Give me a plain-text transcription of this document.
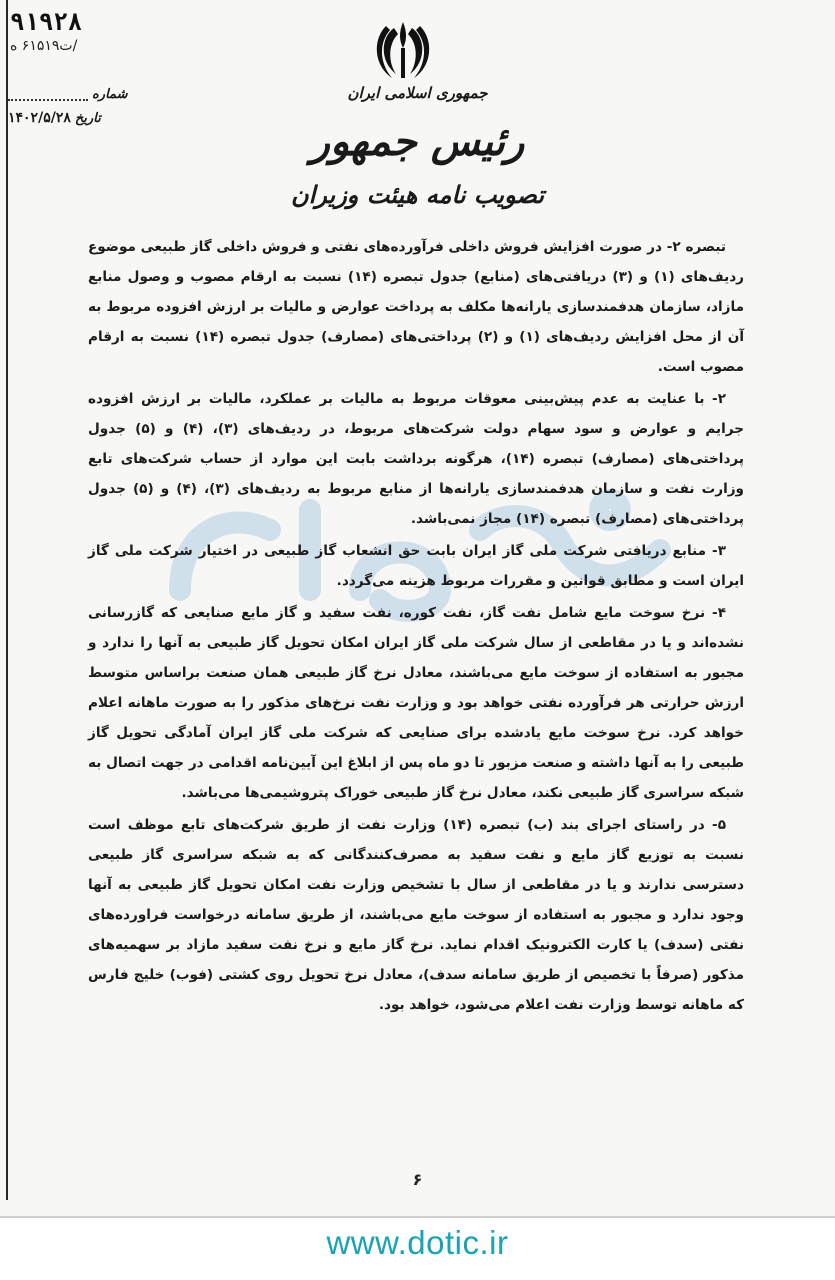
٩١٩٢٨
/ت۶۱۵۱۹ ه
شماره
تاریخ
۱۴۰۲/۵/۲۸
جمهوری اسلامی ایران
رئیس جمهور
تصویب نامه هیئت وزیران

تبصره ۲- در صورت افزایش فروش داخلی فرآورده‌های نفتی و فروش داخلی گاز طبیعی موضوع ردیف‌های (۱) و (۳) دریافتی‌های (منابع) جدول تبصره (۱۴) نسبت به ارقام مصوب و وصول منابع مازاد، سازمان هدفمندسازی یارانه‌ها مکلف به پرداخت عوارض و مالیات بر ارزش افزوده مربوط به آن از محل افزایش ردیف‌های (۱) و (۲) پرداختی‌های (مصارف) جدول تبصره (۱۴) نسبت به ارقام مصوب است.

۲- با عنایت به عدم پیش‌بینی معوقات مربوط به مالیات بر عملکرد، مالیات بر ارزش افزوده جرایم و عوارض و سود سهام دولت شرکت‌های مربوط، در ردیف‌های (۳)، (۴) و (۵) جدول پرداختی‌های (مصارف) تبصره (۱۴)، هرگونه برداشت بابت این موارد از حساب شرکت‌های تابع وزارت نفت و سازمان هدفمندسازی یارانه‌ها از منابع مربوط به ردیف‌های (۳)، (۴) و (۵) جدول پرداختی‌های (مصارف) تبصره (۱۴) مجاز نمی‌باشد.

۳- منابع دریافتی شرکت ملی گاز ایران بابت حق انشعاب گاز طبیعی در اختیار شرکت ملی گاز ایران است و مطابق قوانین و مقررات مربوط هزینه می‌گردد.

۴- نرخ سوخت مایع شامل نفت گاز، نفت کوره، نفت سفید و گاز مایع صنایعی که گازرسانی نشده‌اند و یا در مقاطعی از سال شرکت ملی گاز ایران امکان تحویل گاز طبیعی به آنها را ندارد و مجبور به استفاده از سوخت مایع می‌باشند، معادل نرخ گاز طبیعی همان صنعت براساس متوسط ارزش حرارتی هر فرآورده نفتی خواهد بود و وزارت نفت نرخ‌های مذکور را به صورت ماهانه اعلام خواهد کرد. نرخ سوخت مایع یادشده برای صنایعی که شرکت ملی گاز ایران آمادگی تحویل گاز طبیعی را به آنها داشته و صنعت مزبور تا دو ماه پس از ابلاغ این آیین‌نامه اقدامی در جهت اتصال به شبکه سراسری گاز طبیعی نکند، معادل نرخ گاز طبیعی خوراک پتروشیمی‌ها می‌باشد.

۵- در راستای اجرای بند (ب) تبصره (۱۴) وزارت نفت از طریق شرکت‌های تابع موظف است نسبت به توزیع گاز مایع و نفت سفید به مصرف‌کنندگانی که به شبکه سراسری گاز طبیعی دسترسی ندارند و یا در مقاطعی از سال با تشخیص وزارت نفت امکان تحویل گاز طبیعی به آنها وجود ندارد و مجبور به استفاده از سوخت مایع می‌باشند، از طریق سامانه درخواست فراورده‌های نفتی (سدف) یا کارت الکترونیک اقدام نماید. نرخ گاز مایع و نرخ نفت سفید مازاد بر سهمیه‌های مذکور (صرفاً با تخصیص از طریق سامانه سدف)، معادل نرخ تحویل روی کشتی (فوب) خلیج فارس که ماهانه توسط وزارت نفت اعلام می‌شود، خواهد بود.

۶
www.dotic.ir
